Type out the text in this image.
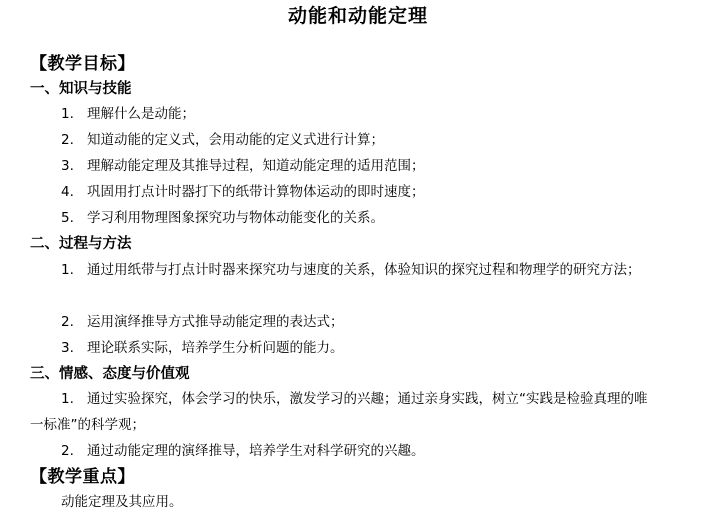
动能和动能定理
【教学目标】
一、知识与技能
1. 理解什么是动能；
2. 知道动能的定义式，会用动能的定义式进行计算；
3. 理解动能定理及其推导过程，知道动能定理的适用范围；
4. 巩固用打点计时器打下的纸带计算物体运动的即时速度；
5. 学习利用物理图象探究功与物体动能变化的关系。
二、过程与方法
1. 通过用纸带与打点计时器来探究功与速度的关系，体验知识的探究过程和物理学的研究方法；
2. 运用演绎推导方式推导动能定理的表达式；
3. 理论联系实际，培养学生分析问题的能力。
三、情感、态度与价值观
1. 通过实验探究，体会学习的快乐，激发学习的兴趣；通过亲身实践，树立“实践是检验真理的唯一标准”的科学观；
2. 通过动能定理的演绎推导，培养学生对科学研究的兴趣。
【教学重点】
动能定理及其应用。
